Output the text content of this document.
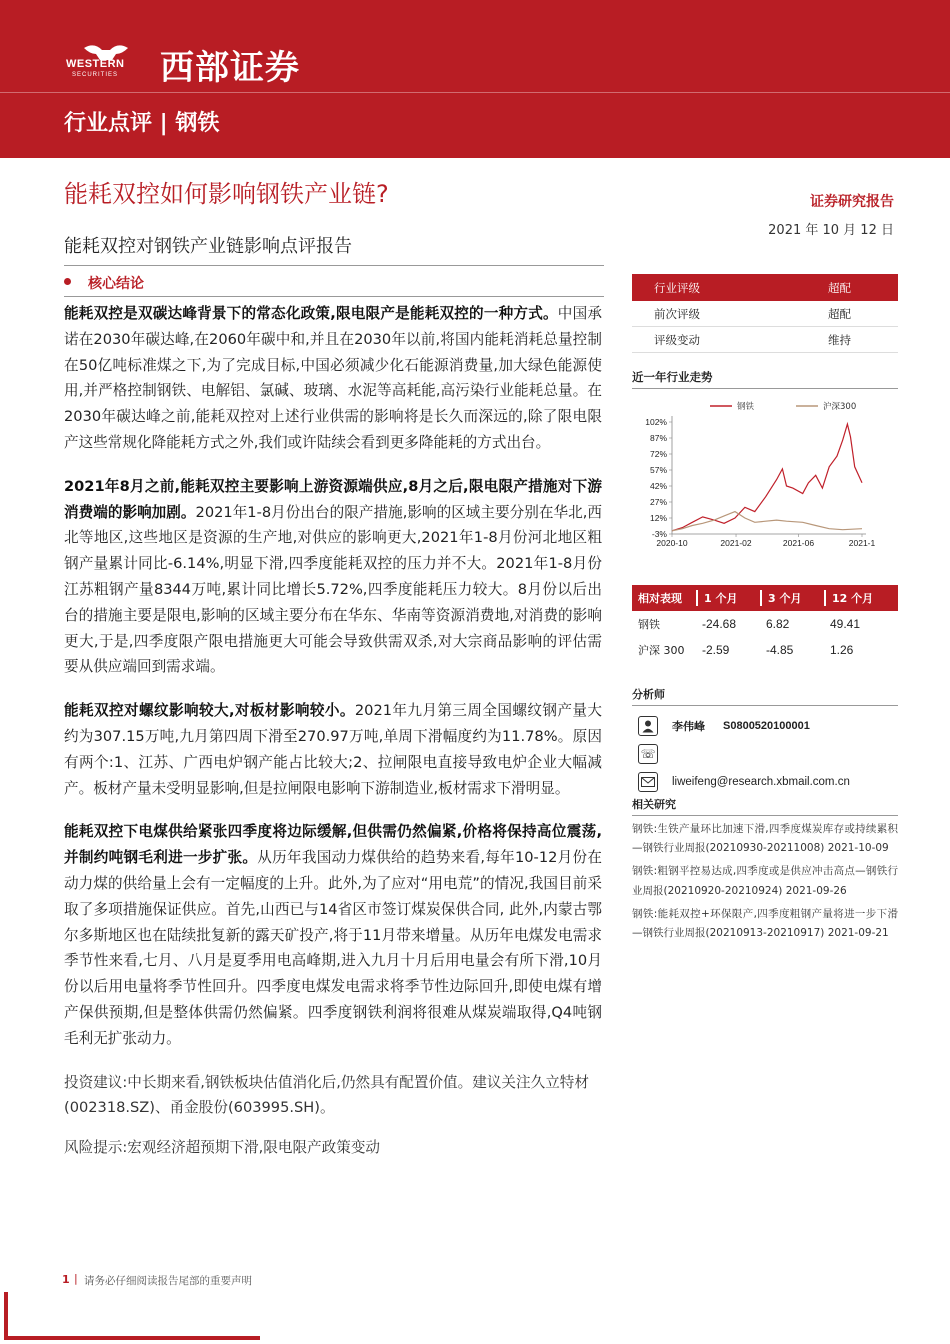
WESTERN
SECURITIES 西部证券
行业点评 | 钢铁
能耗双控如何影响钢铁产业链?	证券研究报告
2021 年 10 月 12 日
能耗双控对钢铁产业链影响点评报告
核心结论

能耗双控是双碳达峰背景下的常态化政策,限电限产是能耗双控的一种方式。中国承诺在2030年碳达峰,在2060年碳中和,并且在2030年以前,将国内能耗消耗总量控制在50亿吨标准煤之下,为了完成目标,中国必须减少化石能源消费量,加大绿色能源使用,并严格控制钢铁、电解铝、氯碱、玻璃、水泥等高耗能,高污染行业能耗总量。在2030年碳达峰之前,能耗双控对上述行业供需的影响将是长久而深远的,除了限电限产这些常规化降能耗方式之外,我们或许陆续会看到更多降能耗的方式出台。

2021年8月之前,能耗双控主要影响上游资源端供应,8月之后,限电限产措施对下游消费端的影响加剧。2021年1-8月份出台的限产措施,影响的区域主要分别在华北,西北等地区,这些地区是资源的生产地,对供应的影响更大,2021年1-8月份河北地区粗钢产量累计同比-6.14%,明显下滑,四季度能耗双控的压力并不大。2021年1-8月份江苏粗钢产量8344万吨,累计同比增长5.72%,四季度能耗压力较大。8月份以后出台的措施主要是限电,影响的区域主要分布在华东、华南等资源消费地,对消费的影响更大,于是,四季度限产限电措施更大可能会导致供需双杀,对大宗商品影响的评估需要从供应端回到需求端。

能耗双控对螺纹影响较大,对板材影响较小。2021年九月第三周全国螺纹钢产量大约为307.15万吨,九月第四周下滑至270.97万吨,单周下滑幅度约为11.78%。原因有两个:1、江苏、广西电炉钢产能占比较大;2、拉闸限电直接导致电炉企业大幅减产。板材产量未受明显影响,但是拉闸限电影响下游制造业,板材需求下滑明显。

能耗双控下电煤供给紧张四季度将边际缓解,但供需仍然偏紧,价格将保持高位震荡,并制约吨钢毛利进一步扩张。从历年我国动力煤供给的趋势来看,每年10-12月份在动力煤的供给量上会有一定幅度的上升。此外,为了应对“用电荒”的情况,我国目前采取了多项措施保证供应。首先,山西已与14省区市签订煤炭保供合同, 此外,内蒙古鄂尔多斯地区也在陆续批复新的露天矿投产,将于11月带来增量。从历年电煤发电需求季节性来看,七月、八月是夏季用电高峰期,进入九月十月后用电量会有所下滑,10月份以后用电量将季节性回升。四季度电煤发电需求将季节性边际回升,即使电煤有增产保供预期,但是整体供需仍然偏紧。四季度钢铁利润将很难从煤炭端取得,Q4吨钢毛利无扩张动力。

投资建议:中长期来看,钢铁板块估值消化后,仍然具有配置价值。建议关注久立特材(002318.SZ)、甬金股份(603995.SH)。

风险提示:宏观经济超预期下滑,限电限产政策变动

行业评级	超配
前次评级	超配
评级变动	维持
近一年行业走势
102%
87%
72%
57%
42%
27%
12%
-3%
2020-10	2021-02	2021-06	2021-1
钢铁	沪深300
相对表现	1 个月	3 个月	12 个月
钢铁	-24.68	6.82	49.41
沪深 300	-2.59	-4.85	1.26
分析师
李伟峰 S0800520100001
☏
liweifeng@research.xbmail.com.cn
相关研究
钢铁:生铁产量环比加速下滑,四季度煤炭库存或持续累积—钢铁行业周报(20210930-20211008) 2021-10-09
钢铁:粗钢平控易达成,四季度或是供应冲击高点—钢铁行业周报(20210920-20210924) 2021-09-26
钢铁:能耗双控+环保限产,四季度粗钢产量将进一步下滑—钢铁行业周报(20210913-20210917) 2021-09-21
1 | 请务必仔细阅读报告尾部的重要声明
